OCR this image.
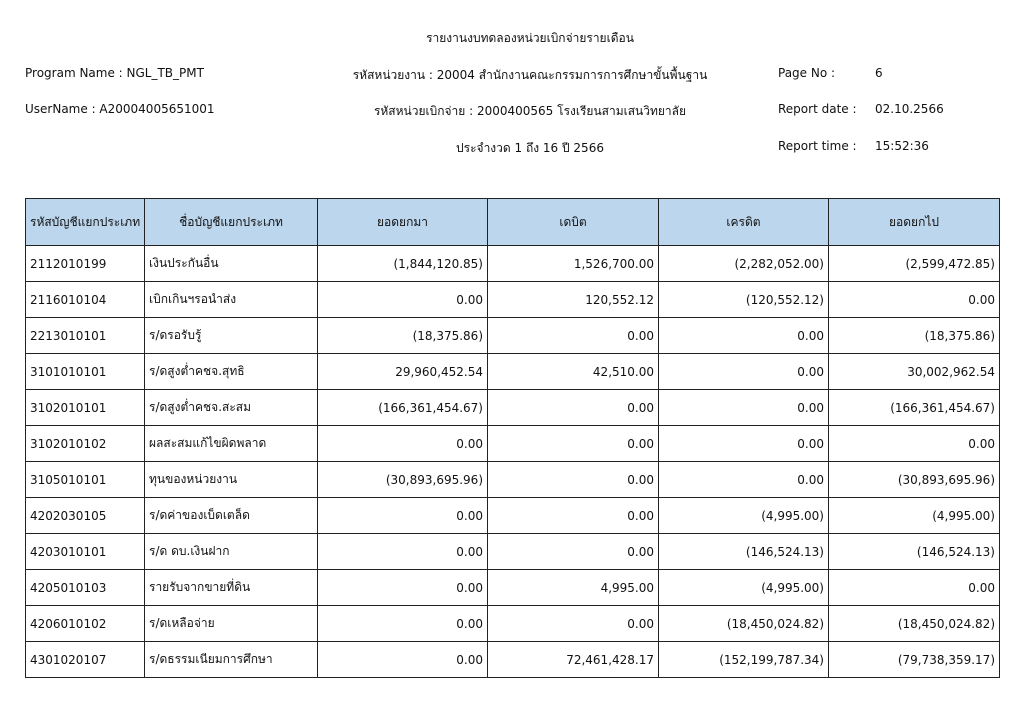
รายงานงบทดลองหน่วยเบิกจ่ายรายเดือน
Program Name : NGL_TB_PMT	รหัสหน่วยงาน : 20004 สำนักงานคณะกรรมการการศึกษาขั้นพื้นฐาน	Page No :	6
UserName : A20004005651001	รหัสหน่วยเบิกจ่าย : 2000400565 โรงเรียนสามเสนวิทยาลัย	Report date : 02.10.2566
ประจำงวด 1 ถึง 16 ปี 2566	Report time : 15:52:36
รหัสบัญชีแยกประเภท	ชื่อบัญชีแยกประเภท	ยอดยกมา	เดบิต	เครดิต	ยอดยกไป
2112010199	เงินประกันอื่น	(1,844,120.85)	1,526,700.00	(2,282,052.00)	(2,599,472.85)
2116010104	เบิกเกินฯรอนำส่ง	0.00	120,552.12	(120,552.12)	0.00
2213010101	ร/ดรอรับรู้	(18,375.86)	0.00	0.00	(18,375.86)
3101010101	ร/ดสูงต่ำคชจ.สุทธิ	29,960,452.54	42,510.00	0.00	30,002,962.54
3102010101	ร/ดสูงต่ำคชจ.สะสม	(166,361,454.67)	0.00	0.00	(166,361,454.67)
3102010102	ผลสะสมแก้ไขผิดพลาด	0.00	0.00	0.00	0.00
3105010101	ทุนของหน่วยงาน	(30,893,695.96)	0.00	0.00	(30,893,695.96)
4202030105	ร/ดค่าของเบ็ดเตล็ด	0.00	0.00	(4,995.00)	(4,995.00)
4203010101	ร/ด ดบ.เงินฝาก	0.00	0.00	(146,524.13)	(146,524.13)
4205010103	รายรับจากขายที่ดิน	0.00	4,995.00	(4,995.00)	0.00
4206010102	ร/ดเหลือจ่าย	0.00	0.00	(18,450,024.82)	(18,450,024.82)
4301020107	ร/ดธรรมเนียมการศึกษา	0.00	72,461,428.17	(152,199,787.34)	(79,738,359.17)
